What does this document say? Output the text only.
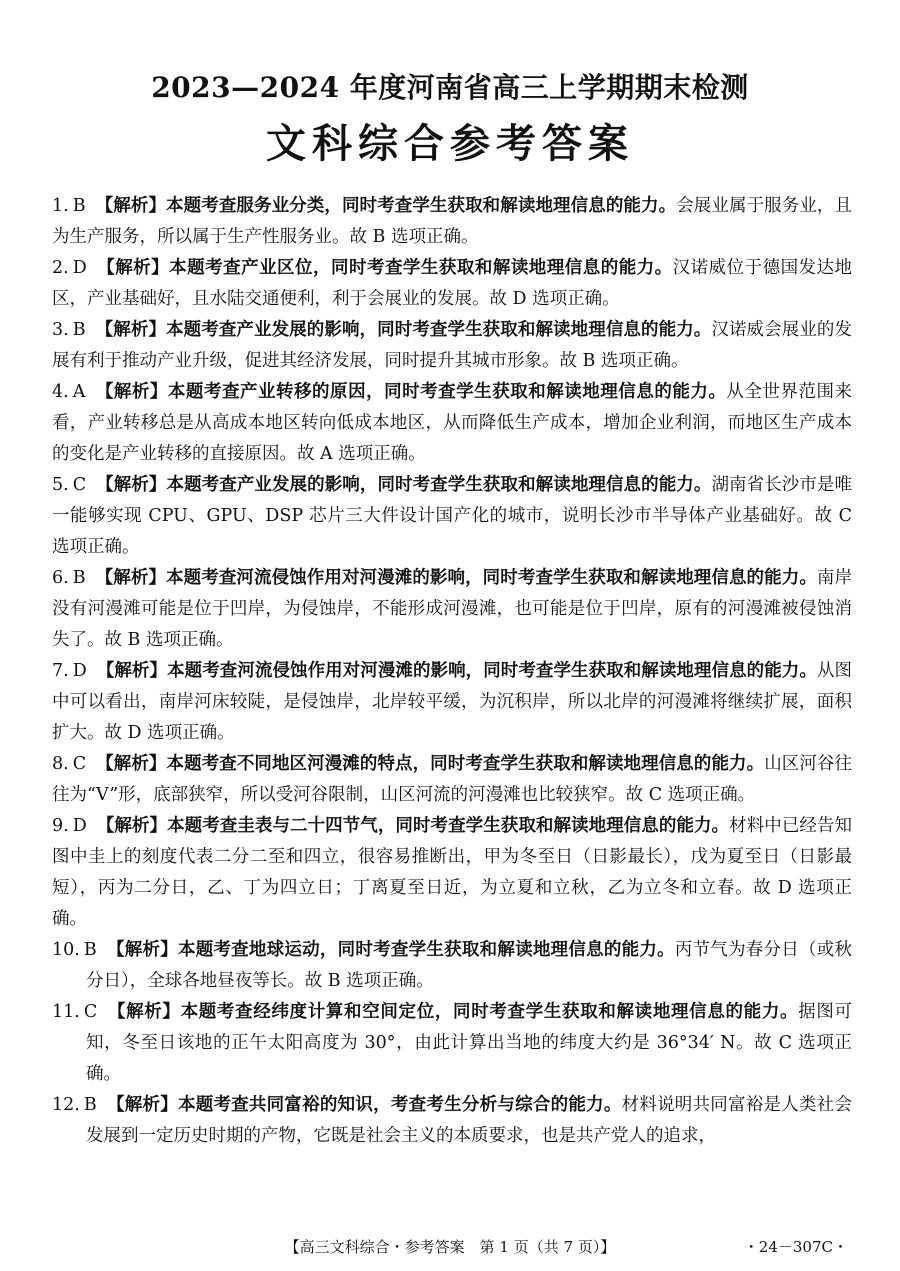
2023—2024 年度河南省高三上学期期末检测
文科综合参考答案

1. B 【解析】本题考查服务业分类，同时考查学生获取和解读地理信息的能力。会展业属于服务业，且为生产服务，所以属于生产性服务业。故 B 选项正确。

2. D 【解析】本题考查产业区位，同时考查学生获取和解读地理信息的能力。汉诺威位于德国发达地区，产业基础好，且水陆交通便利，利于会展业的发展。故 D 选项正确。

3. B 【解析】本题考查产业发展的影响，同时考查学生获取和解读地理信息的能力。汉诺威会展业的发展有利于推动产业升级，促进其经济发展，同时提升其城市形象。故 B 选项正确。

4. A 【解析】本题考查产业转移的原因，同时考查学生获取和解读地理信息的能力。从全世界范围来看，产业转移总是从高成本地区转向低成本地区，从而降低生产成本，增加企业利润，而地区生产成本的变化是产业转移的直接原因。故 A 选项正确。

5. C 【解析】本题考查产业发展的影响，同时考查学生获取和解读地理信息的能力。湖南省长沙市是唯一能够实现 CPU、GPU、DSP 芯片三大件设计国产化的城市，说明长沙市半导体产业基础好。故 C 选项正确。

6. B 【解析】本题考查河流侵蚀作用对河漫滩的影响，同时考查学生获取和解读地理信息的能力。南岸没有河漫滩可能是位于凹岸，为侵蚀岸，不能形成河漫滩，也可能是位于凹岸，原有的河漫滩被侵蚀消失了。故 B 选项正确。

7. D 【解析】本题考查河流侵蚀作用对河漫滩的影响，同时考查学生获取和解读地理信息的能力。从图中可以看出，南岸河床较陡，是侵蚀岸，北岸较平缓，为沉积岸，所以北岸的河漫滩将继续扩展，面积扩大。故 D 选项正确。

8. C 【解析】本题考查不同地区河漫滩的特点，同时考查学生获取和解读地理信息的能力。山区河谷往往为“V”形，底部狭窄，所以受河谷限制，山区河流的河漫滩也比较狭窄。故 C 选项正确。

9. D 【解析】本题考查圭表与二十四节气，同时考查学生获取和解读地理信息的能力。材料中已经告知图中圭上的刻度代表二分二至和四立，很容易推断出，甲为冬至日（日影最长），戊为夏至日（日影最短），丙为二分日，乙、丁为四立日；丁离夏至日近，为立夏和立秋，乙为立冬和立春。故 D 选项正确。

10. B 【解析】本题考查地球运动，同时考查学生获取和解读地理信息的能力。丙节气为春分日（或秋分日），全球各地昼夜等长。故 B 选项正确。

11. C 【解析】本题考查经纬度计算和空间定位，同时考查学生获取和解读地理信息的能力。据图可知，冬至日该地的正午太阳高度为 30°，由此计算出当地的纬度大约是 36°34′ N。故 C 选项正确。

12. B 【解析】本题考查共同富裕的知识，考查考生分析与综合的能力。材料说明共同富裕是人类社会发展到一定历史时期的产物，它既是社会主义的本质要求，也是共产党人的追求，

【高三文科综合・参考答案　第 1 页（共 7 页）】	・24－307C・
